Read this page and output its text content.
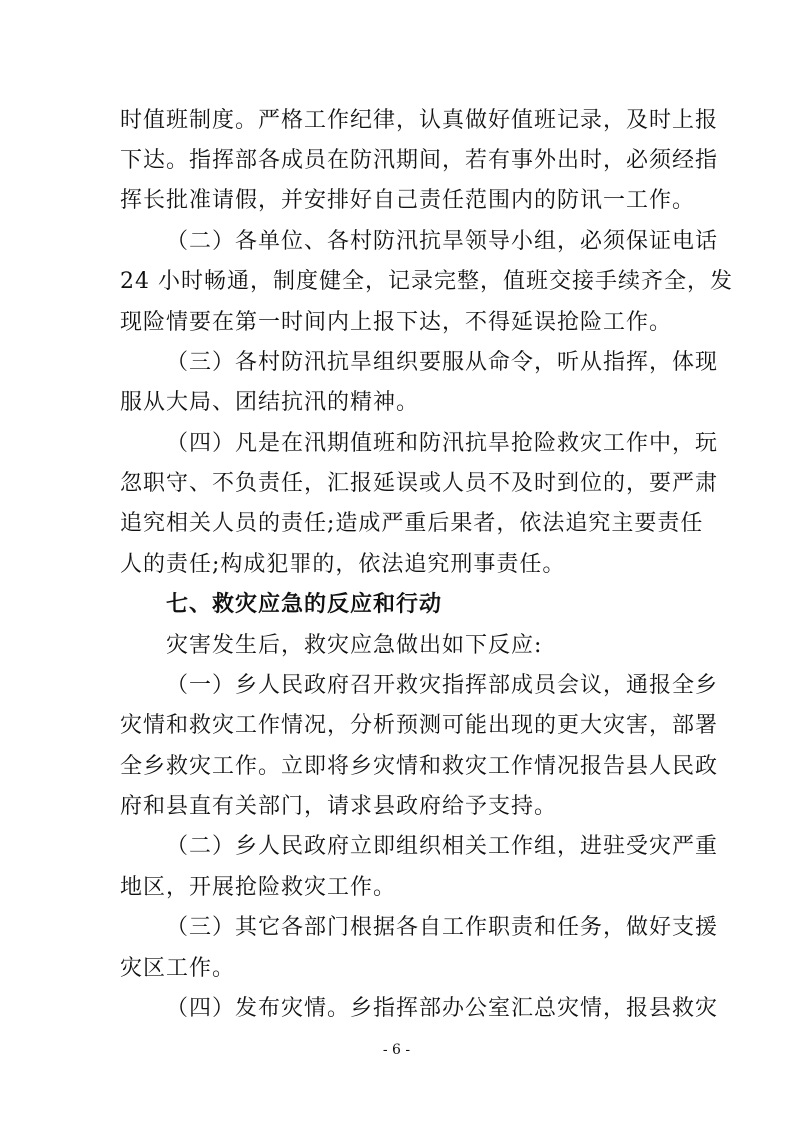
时值班制度。严格工作纪律，认真做好值班记录，及时上报
下达。指挥部各成员在防汛期间，若有事外出时，必须经指
挥长批准请假，并安排好自己责任范围内的防讯一工作。
（二）各单位、各村防汛抗旱领导小组，必须保证电话
24 小时畅通，制度健全，记录完整，值班交接手续齐全，发
现险情要在第一时间内上报下达，不得延误抢险工作。
（三）各村防汛抗旱组织要服从命令，听从指挥，体现
服从大局、团结抗汛的精神。
（四）凡是在汛期值班和防汛抗旱抢险救灾工作中，玩
忽职守、不负责任，汇报延误或人员不及时到位的，要严肃
追究相关人员的责任;造成严重后果者，依法追究主要责任
人的责任;构成犯罪的，依法追究刑事责任。
七、救灾应急的反应和行动
灾害发生后，救灾应急做出如下反应:
（一）乡人民政府召开救灾指挥部成员会议，通报全乡
灾情和救灾工作情况，分析预测可能出现的更大灾害，部署
全乡救灾工作。立即将乡灾情和救灾工作情况报告县人民政
府和县直有关部门，请求县政府给予支持。
（二）乡人民政府立即组织相关工作组，进驻受灾严重
地区，开展抢险救灾工作。
（三）其它各部门根据各自工作职责和任务，做好支援
灾区工作。
（四）发布灾情。乡指挥部办公室汇总灾情，报县救灾
- 6 -
